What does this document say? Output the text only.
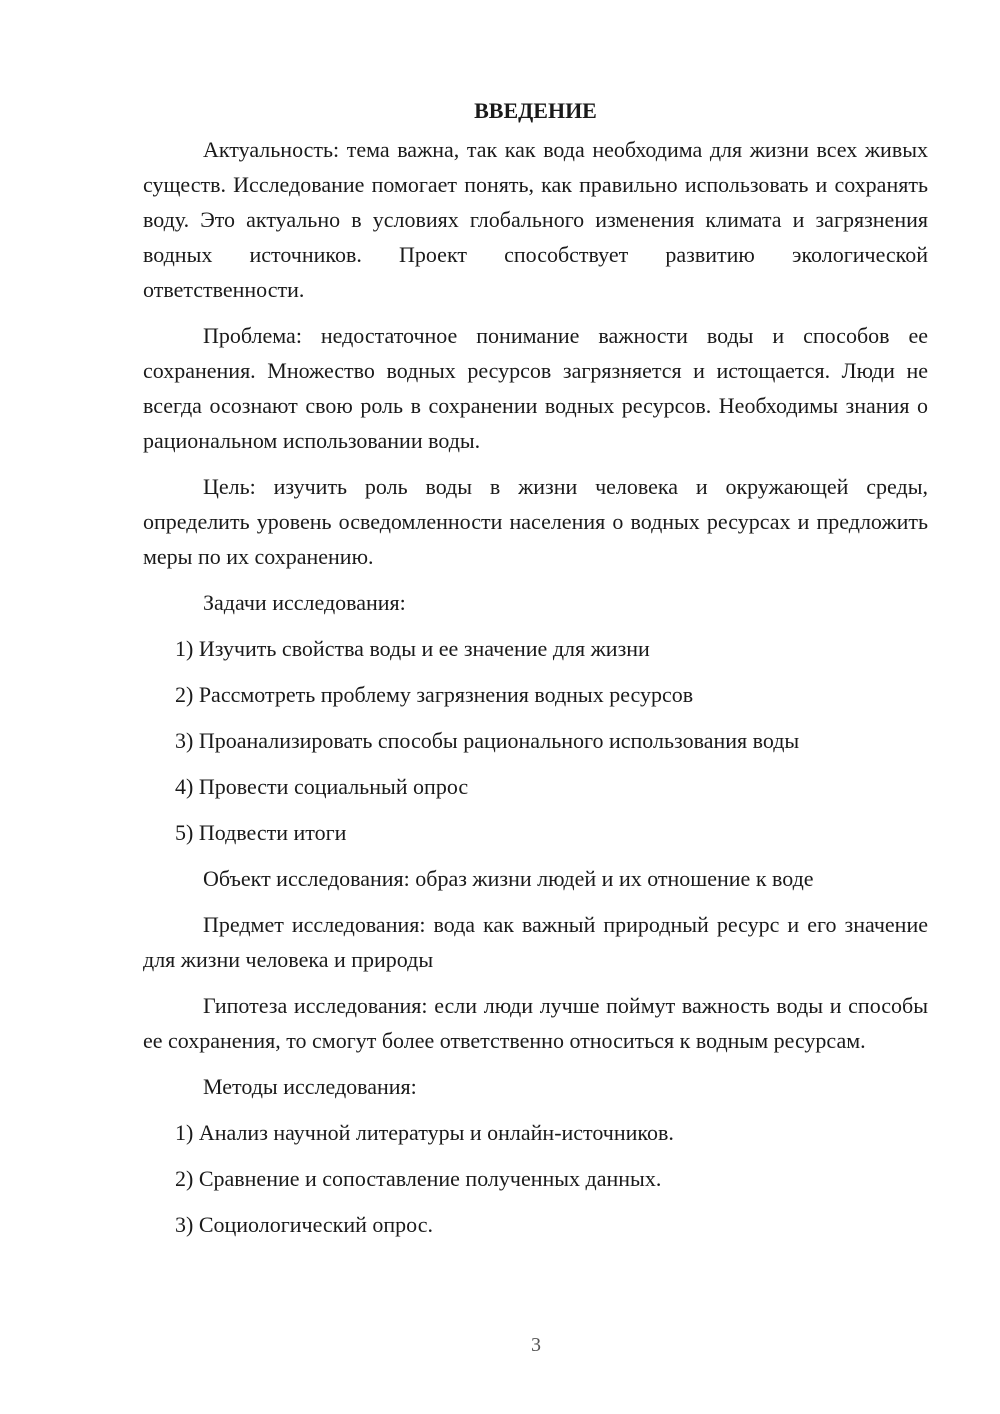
ВВЕДЕНИЕ

Актуальность: тема важна, так как вода необходима для жизни всех живых существ. Исследование помогает понять, как правильно использовать и сохранять воду. Это актуально в условиях глобального изменения климата и загрязнения водных источников. Проект способствует развитию экологической ответственности.

Проблема: недостаточное понимание важности воды и способов ее сохранения. Множество водных ресурсов загрязняется и истощается. Люди не всегда осознают свою роль в сохранении водных ресурсов. Необходимы знания о рациональном использовании воды.

Цель: изучить роль воды в жизни человека и окружающей среды, определить уровень осведомленности населения о водных ресурсах и предложить меры по их сохранению.

Задачи исследования:
1) Изучить свойства воды и ее значение для жизни
2) Рассмотреть проблему загрязнения водных ресурсов
3) Проанализировать способы рационального использования воды
4) Провести социальный опрос
5) Подвести итоги

Объект исследования: образ жизни людей и их отношение к воде

Предмет исследования: вода как важный природный ресурс и его значение для жизни человека и природы

Гипотеза исследования: если люди лучше поймут важность воды и способы ее сохранения, то смогут более ответственно относиться к водным ресурсам.

Методы исследования:
1) Анализ научной литературы и онлайн-источников.
2) Сравнение и сопоставление полученных данных.
3) Социологический опрос.
3
